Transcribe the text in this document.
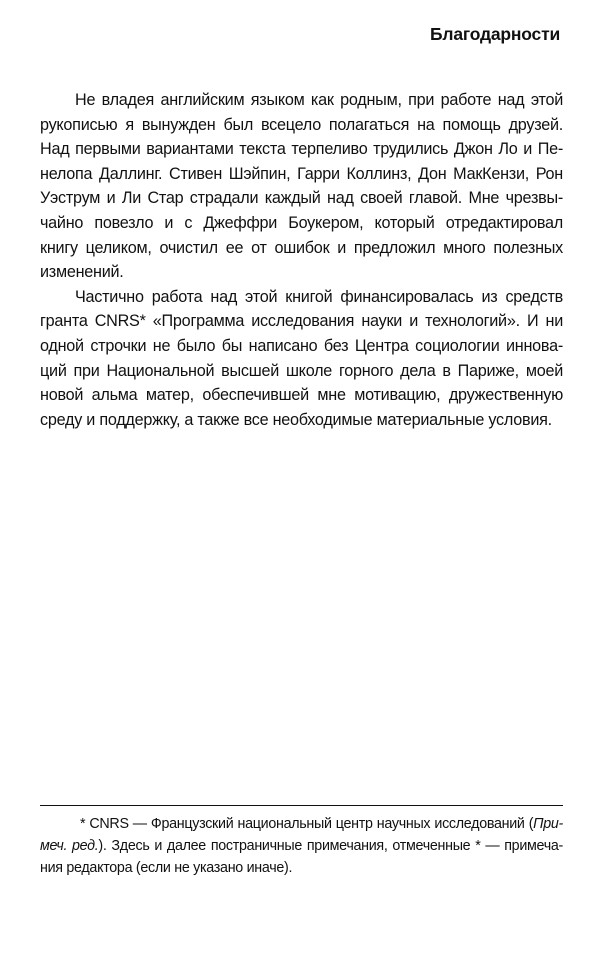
Благодарности
Не владея английским языком как родным, при работе над этой
рукописью я вынужден был всецело полагаться на помощь друзей.
Над первыми вариантами текста терпеливо трудились Джон Ло и Пе-
нелопа Даллинг. Стивен Шэйпин, Гарри Коллинз, Дон МакКензи, Рон
Уэструм и Ли Стар страдали каждый над своей главой. Мне чрезвы-
чайно повезло и с Джеффри Боукером, который отредактировал
книгу целиком, очистил ее от ошибок и предложил много полезных
изменений.
Частично работа над этой книгой финансировалась из средств
гранта CNRS* «Программа исследования науки и технологий». И ни
одной строчки не было бы написано без Центра социологии иннова-
ций при Национальной высшей школе горного дела в Париже, моей
новой альма матер, обеспечившей мне мотивацию, дружественную
среду и поддержку, а также все необходимые материальные условия.
* CNRS — Французский национальный центр научных исследований (При-
меч. ред.). Здесь и далее постраничные примечания, отмеченные * — примеча-
ния редактора (если не указано иначе).
